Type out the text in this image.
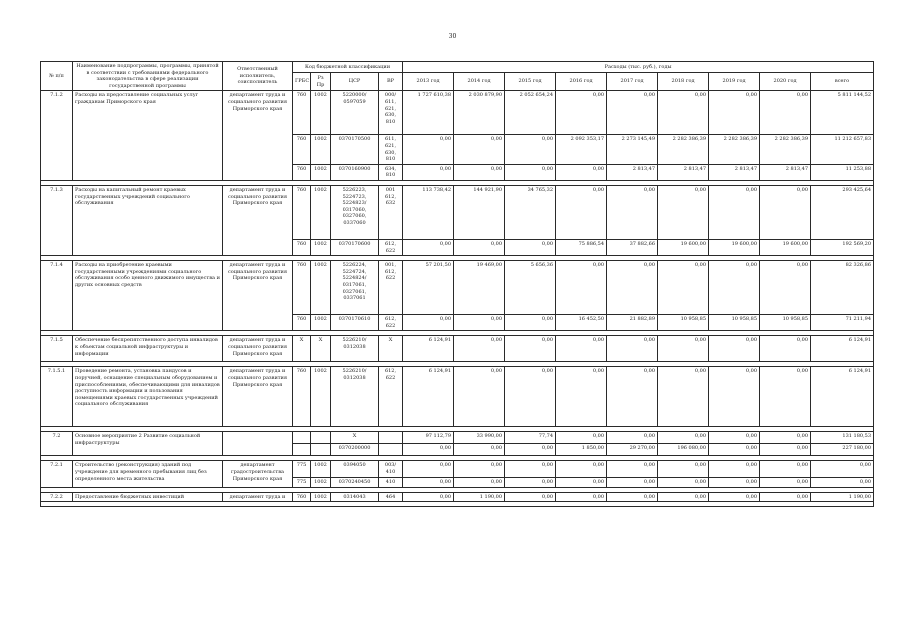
30
№ п/п	Наименование подпрограммы, программы, принятой в соответствии с требованиями федерального законодательства в сфере реализации государственной программы	Ответственный исполнитель, соисполнитель	Код бюджетной классификации				Расходы (тыс. руб.), годы								
			ГРБС	Рз Пр	ЦСР	ВР	2013 год	2014 год	2015 год	2016 год	2017 год	2018 год	2019 год	2020 год	всего
7.1.2	Расходы на предоставление социальных услуг гражданам Приморского края	департамент труда и социального развития Приморского края	760	1002	5220000/ 0597059	000/ 611, 621, 630, 810	1 727 610,38	2 030 879,90	2 052 654,24	0,00	0,00	0,00	0,00	0,00	5 811 144,52
			760	1002	0370170500	611, 621, 630, 810	0,00	0,00	0,00	2 092 353,17	2 273 145,49	2 282 386,39	2 282 386,39	2 282 386,39	11 212 657,83
			760	1002	0370160900	634, 810	0,00	0,00	0,00	0,00	2 813,47	2 813,47	2 813,47	2 813,47	11 253,88

7.1.3	Расходы на капитальный ремонт краевых государственных учреждений социального обслуживания	департамент труда и социального развития Приморского края	760	1002	5226223, 5224723, 5224823/ 0317060, 0327060, 0337060	001 612, 632	113 738,42	144 921,90	34 765,32	0,00	0,00	0,00	0,00	0,00	293 425,64
			760	1002	0370170600	612, 622	0,00	0,00	0,00	75 886,54	37 882,66	19 600,00	19 600,00	19 600,00	192 569,20

7.1.4	Расходы на приобретение краевыми государственными учреждениями социального обслуживания особо ценного движимого имущества и других основных средств	департамент труда и социального развития Приморского края	760	1002	5226224, 5224724, 5224824/ 0317061, 0327061, 0337061	001, 612, 622	57 201,50	19 469,00	5 656,36	0,00	0,00	0,00	0,00	0,00	82 326,86
			760	1002	0370170610	612, 622	0,00	0,00	0,00	16 452,50	21 882,89	10 958,85	10 958,85	10 958,85	71 211,94

7.1.5	Обеспечение беспрепятственного доступа инвалидов к объектам социальной инфраструктуры и информации	департамент труда и социального развития Приморского края	Х	Х	5226210/ 0312038	Х	6 124,91	0,00	0,00	0,00	0,00	0,00	0,00	0,00	6 124,91

7.1.5.1	Проведение ремонта, установка пандусов и поручней, оснащение специальным оборудованием и приспособлениями, обеспечивающими для инвалидов доступность информации и пользования помещениями краевых государственных учреждений социального обслуживания	департамент труда и социального развития Приморского края	760	1002	5226210/ 0312038	612, 622	6 124,91	0,00	0,00	0,00	0,00	0,00	0,00	0,00	6 124,91

7.2	Основное мероприятие 2 Развитие социальной инфраструктуры				Х		97 112,79	33 990,00	77,74	0,00	0,00	0,00	0,00	0,00	131 180,53
					0370200000		0,00	0,00	0,00	1 850,00	29 270,00	196 080,00	0,00	0,00	227 180,00

7.2.1	Строительство (реконструкция) зданий под учреждение для временного пребывания лиц без определенного места жительства	департамент градостроительства Приморского края	775	1002	0394050	003/ 410	0,00	0,00	0,00	0,00	0,00	0,00	0,00	0,00	0,00
			775	1002	0370240450	410	0,00	0,00	0,00	0,00	0,00	0,00	0,00	0,00	0,00

7.2.2	Предоставление бюджетных инвестиций	департамент труда и	760	1002	0314043	464	0,00	1 190,00	0,00	0,00	0,00	0,00	0,00	0,00	1 190,00
